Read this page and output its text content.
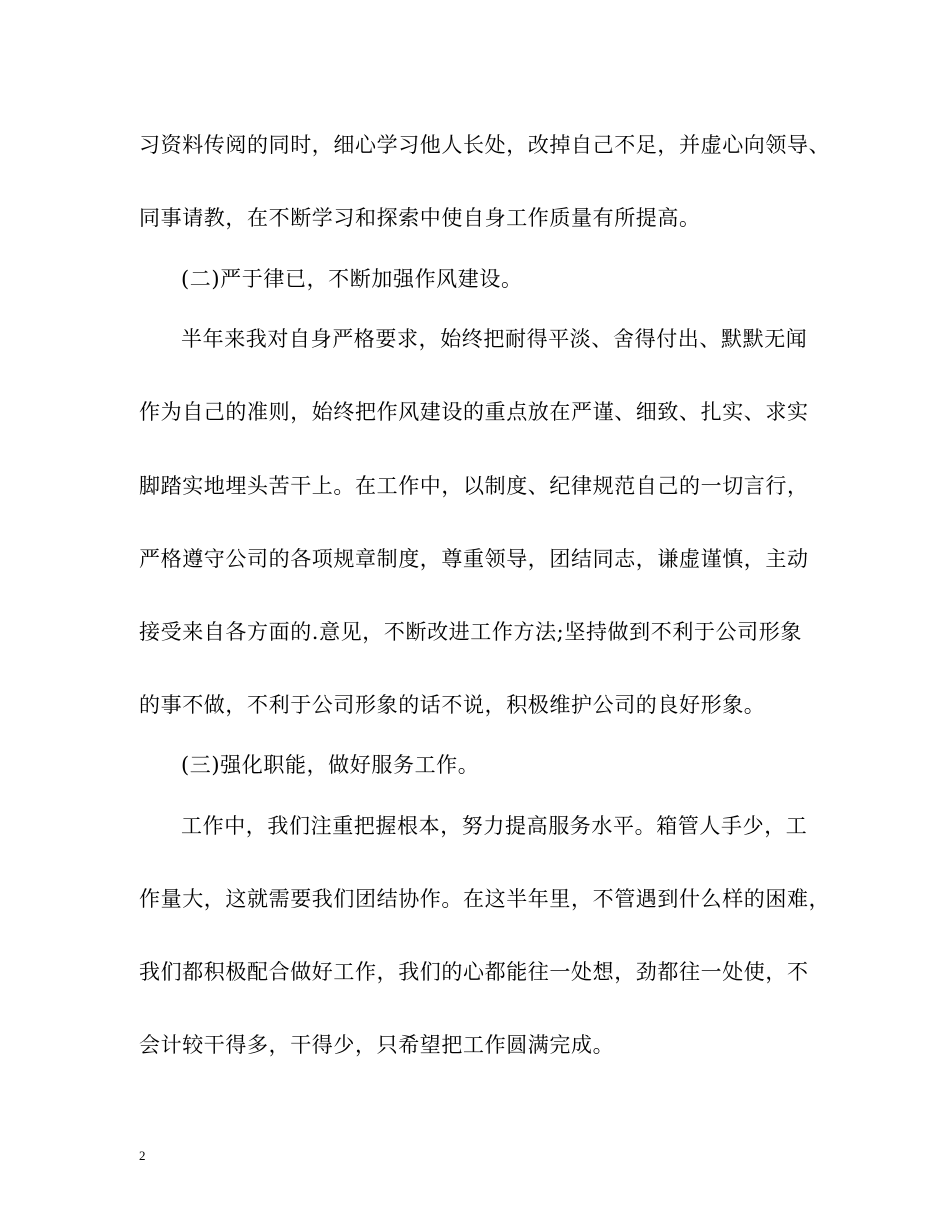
习资料传阅的同时，细心学习他人长处，改掉自己不足，并虚心向领导、
同事请教，在不断学习和探索中使自身工作质量有所提高。
(二)严于律已，不断加强作风建设。
半年来我对自身严格要求，始终把耐得平淡、舍得付出、默默无闻
作为自己的准则，始终把作风建设的重点放在严谨、细致、扎实、求实
脚踏实地埋头苦干上。在工作中，以制度、纪律规范自己的一切言行，
严格遵守公司的各项规章制度，尊重领导，团结同志，谦虚谨慎，主动
接受来自各方面的.意见，不断改进工作方法;坚持做到不利于公司形象
的事不做，不利于公司形象的话不说，积极维护公司的良好形象。
(三)强化职能，做好服务工作。
工作中，我们注重把握根本，努力提高服务水平。箱管人手少，工
作量大，这就需要我们团结协作。在这半年里，不管遇到什么样的困难，
我们都积极配合做好工作，我们的心都能往一处想，劲都往一处使，不
会计较干得多，干得少，只希望把工作圆满完成。
2
